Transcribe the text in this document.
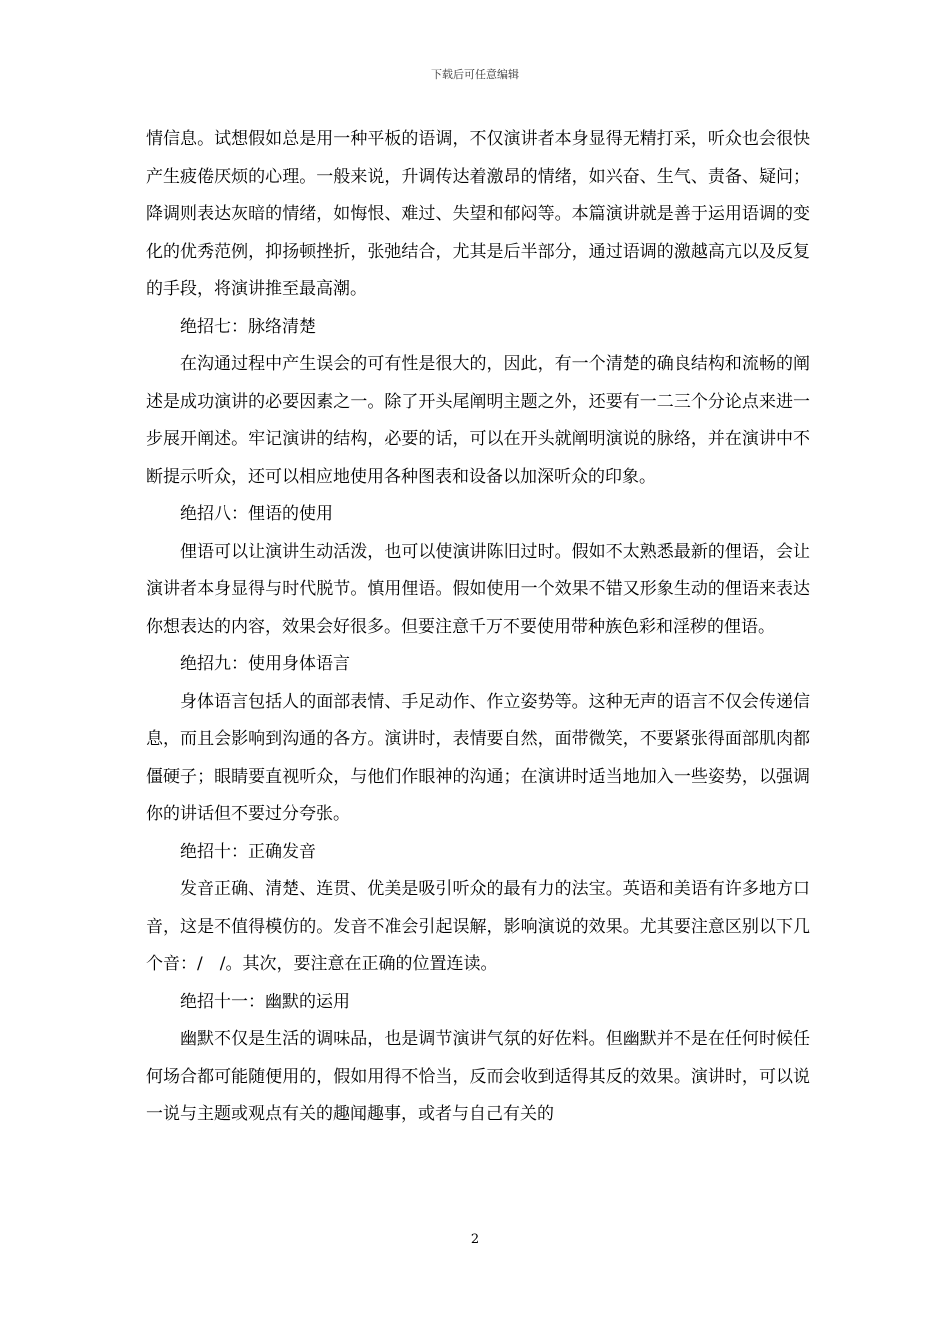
下载后可任意编辑

情信息。试想假如总是用一种平板的语调，不仅演讲者本身显得无精打采，听众也会很快产生疲倦厌烦的心理。一般来说，升调传达着激昂的情绪，如兴奋、生气、责备、疑问；降调则表达灰暗的情绪，如悔恨、难过、失望和郁闷等。本篇演讲就是善于运用语调的变化的优秀范例，抑扬顿挫折，张弛结合，尤其是后半部分，通过语调的激越高亢以及反复的手段，将演讲推至最高潮。

绝招七：脉络清楚

在沟通过程中产生误会的可有性是很大的，因此，有一个清楚的确良结构和流畅的阐述是成功演讲的必要因素之一。除了开头尾阐明主题之外，还要有一二三个分论点来进一步展开阐述。牢记演讲的结构，必要的话，可以在开头就阐明演说的脉络，并在演讲中不断提示听众，还可以相应地使用各种图表和设备以加深听众的印象。

绝招八：俚语的使用

俚语可以让演讲生动活泼，也可以使演讲陈旧过时。假如不太熟悉最新的俚语，会让演讲者本身显得与时代脱节。慎用俚语。假如使用一个效果不错又形象生动的俚语来表达你想表达的内容，效果会好很多。但要注意千万不要使用带种族色彩和淫秽的俚语。

绝招九：使用身体语言

身体语言包括人的面部表情、手足动作、作立姿势等。这种无声的语言不仅会传递信息，而且会影响到沟通的各方。演讲时，表情要自然，面带微笑，不要紧张得面部肌肉都僵硬子；眼睛要直视听众，与他们作眼神的沟通；在演讲时适当地加入一些姿势，以强调你的讲话但不要过分夸张。

绝招十：正确发音

发音正确、清楚、连贯、优美是吸引听众的最有力的法宝。英语和美语有许多地方口音，这是不值得模仿的。发音不准会引起误解，影响演说的效果。尤其要注意区别以下几个音：/　/。其次，要注意在正确的位置连读。

绝招十一：幽默的运用

幽默不仅是生活的调味品，也是调节演讲气氛的好佐料。但幽默并不是在任何时候任何场合都可能随便用的，假如用得不恰当，反而会收到适得其反的效果。演讲时，可以说一说与主题或观点有关的趣闻趣事，或者与自己有关的

2
